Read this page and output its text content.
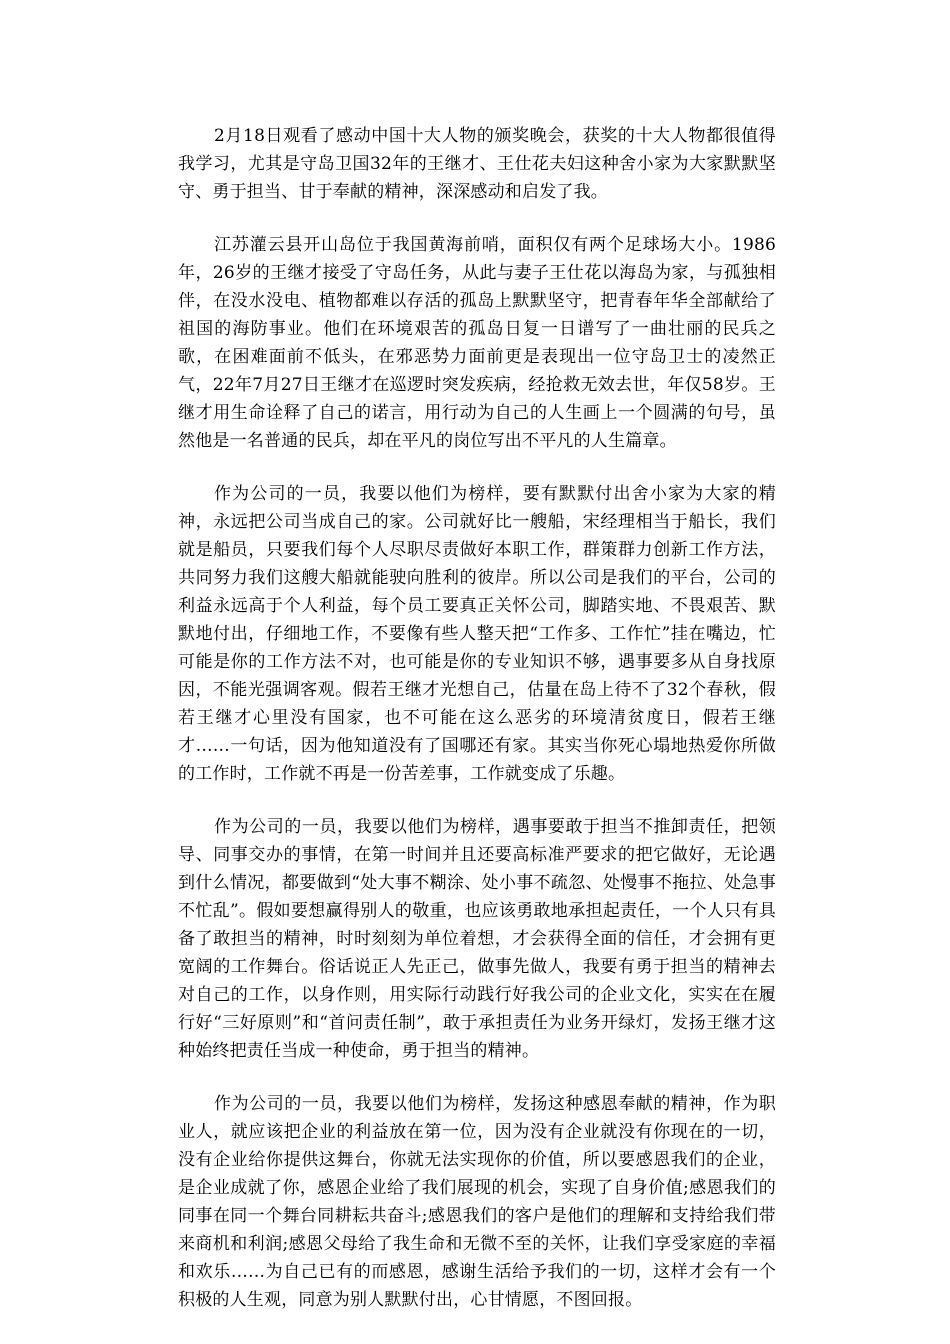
2月18日观看了感动中国十大人物的颁奖晚会，获奖的十大人物都很值得我学习，尤其是守岛卫国32年的王继才、王仕花夫妇这种舍小家为大家默默坚守、勇于担当、甘于奉献的精神，深深感动和启发了我。

江苏灌云县开山岛位于我国黄海前哨，面积仅有两个足球场大小。1986年，26岁的王继才接受了守岛任务，从此与妻子王仕花以海岛为家，与孤独相伴，在没水没电、植物都难以存活的孤岛上默默坚守，把青春年华全部献给了祖国的海防事业。他们在环境艰苦的孤岛日复一日谱写了一曲壮丽的民兵之歌，在困难面前不低头，在邪恶势力面前更是表现出一位守岛卫士的凌然正气，22年7月27日王继才在巡逻时突发疾病，经抢救无效去世，年仅58岁。王继才用生命诠释了自己的诺言，用行动为自己的人生画上一个圆满的句号，虽然他是一名普通的民兵，却在平凡的岗位写出不平凡的人生篇章。

作为公司的一员，我要以他们为榜样，要有默默付出舍小家为大家的精神，永远把公司当成自己的家。公司就好比一艘船，宋经理相当于船长，我们就是船员，只要我们每个人尽职尽责做好本职工作，群策群力创新工作方法，共同努力我们这艘大船就能驶向胜利的彼岸。所以公司是我们的平台，公司的利益永远高于个人利益，每个员工要真正关怀公司，脚踏实地、不畏艰苦、默默地付出，仔细地工作，不要像有些人整天把“工作多、工作忙”挂在嘴边，忙可能是你的工作方法不对，也可能是你的专业知识不够，遇事要多从自身找原因，不能光强调客观。假若王继才光想自己，估量在岛上待不了32个春秋，假若王继才心里没有国家，也不可能在这么恶劣的环境清贫度日，假若王继才……一句话，因为他知道没有了国哪还有家。其实当你死心塌地热爱你所做的工作时，工作就不再是一份苦差事，工作就变成了乐趣。

作为公司的一员，我要以他们为榜样，遇事要敢于担当不推卸责任，把领导、同事交办的事情，在第一时间并且还要高标准严要求的把它做好，无论遇到什么情况，都要做到“处大事不糊涂、处小事不疏忽、处慢事不拖拉、处急事不忙乱”。假如要想赢得别人的敬重，也应该勇敢地承担起责任，一个人只有具备了敢担当的精神，时时刻刻为单位着想，才会获得全面的信任，才会拥有更宽阔的工作舞台。俗话说正人先正己，做事先做人，我要有勇于担当的精神去对自己的工作，以身作则，用实际行动践行好我公司的企业文化，实实在在履行好“三好原则”和“首问责任制”，敢于承担责任为业务开绿灯，发扬王继才这种始终把责任当成一种使命，勇于担当的精神。

作为公司的一员，我要以他们为榜样，发扬这种感恩奉献的精神，作为职业人，就应该把企业的利益放在第一位，因为没有企业就没有你现在的一切，没有企业给你提供这舞台，你就无法实现你的价值，所以要感恩我们的企业，是企业成就了你，感恩企业给了我们展现的机会，实现了自身价值;感恩我们的同事在同一个舞台同耕耘共奋斗;感恩我们的客户是他们的理解和支持给我们带来商机和利润;感恩父母给了我生命和无微不至的关怀，让我们享受家庭的幸福和欢乐……为自己已有的而感恩，感谢生活给予我们的一切，这样才会有一个积极的人生观，同意为别人默默付出，心甘情愿，不图回报。
